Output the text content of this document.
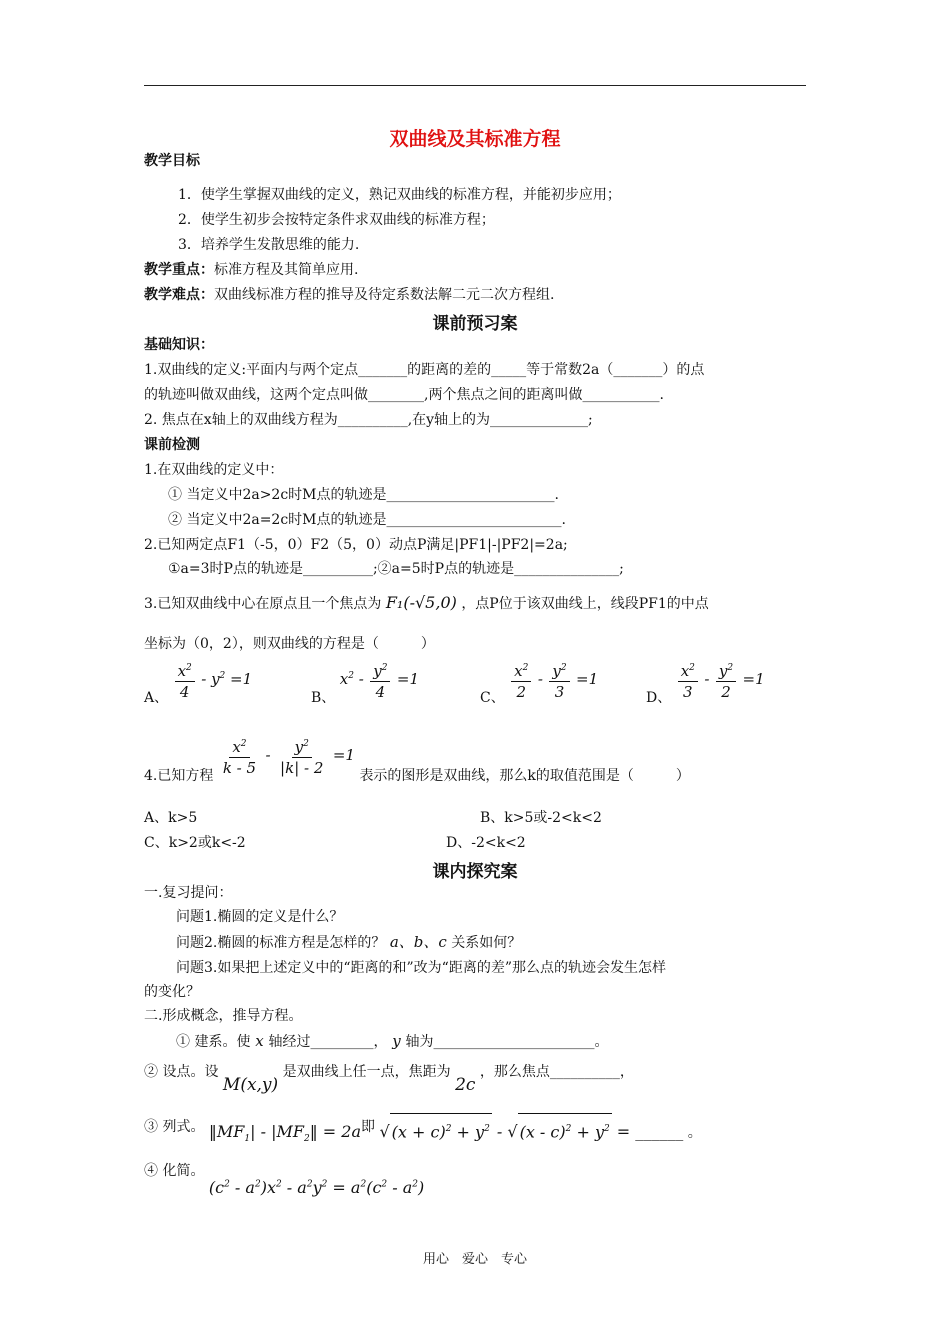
双曲线及其标准方程
教学目标
1．使学生掌握双曲线的定义，熟记双曲线的标准方程，并能初步应用；
2．使学生初步会按特定条件求双曲线的标准方程；
3．培养学生发散思维的能力.
教学重点：标准方程及其简单应用.
教学难点：双曲线标准方程的推导及待定系数法解二元二次方程组.
课前预习案
基础知识：
1.双曲线的定义:平面内与两个定点_______的距离的差的_____等于常数2a（_______）的点
的轨迹叫做双曲线，这两个定点叫做________,两个焦点之间的距离叫做___________.
2. 焦点在x轴上的双曲线方程为__________,在y轴上的为______________;
课前检测
1.在双曲线的定义中：
① 当定义中2a>2c时M点的轨迹是________________________.
② 当定义中2a=2c时M点的轨迹是_________________________.
2.已知两定点F1（-5，0）F2（5，0）动点P满足|PF1|-|PF2|=2a;
①a=3时P点的轨迹是__________;②a=5时P点的轨迹是_______________;
3.已知双曲线中心在原点且一个焦点为 F₁(-√5,0) ，点P位于该双曲线上，线段PF1的中点
坐标为（0，2），则双曲线的方程是（　　　）
A、 $\frac{x^2}{4} - y^2 =1$
B、 $x^2 - \frac{y^2}{4} =1$
C、 $\frac{x^2}{2} - \frac{y^2}{3} =1$
D、 $\frac{x^2}{3} - \frac{y^2}{2} =1$
4.已知方程 $\frac{x^2}{k - 5} - \frac{y^2}{|k| - 2} =1$ 表示的图形是双曲线，那么k的取值范围是（　　　）
A、k>5	B、k>5或-2<k<2
C、k>2或k<-2	D、-2<k<2
课内探究案
一.复习提问：
问题1.椭圆的定义是什么？
问题2.椭圆的标准方程是怎样的？ a、b、c 关系如何？
问题3.如果把上述定义中的“距离的和”改为“距离的差”那么点的轨迹会发生怎样
的变化？
二.形成概念，推导方程。
① 建系。使 x 轴经过_________， y 轴为_______________________。
② 设点。设 M(x,y) 是双曲线上任一点，焦距为 2c ，那么焦点__________，
③ 列式。 $‖MF_1|$ - $|MF_2‖ = 2a$即 √ $(x + c)^2 + y^2$ - √ $(x - c)^2 + y^2$ = ______ 。
④ 化简。 $(c^2 - a^2)x^2 - a^2y^2 = a^2(c^2 - a^2)$
用心　爱心　专心
